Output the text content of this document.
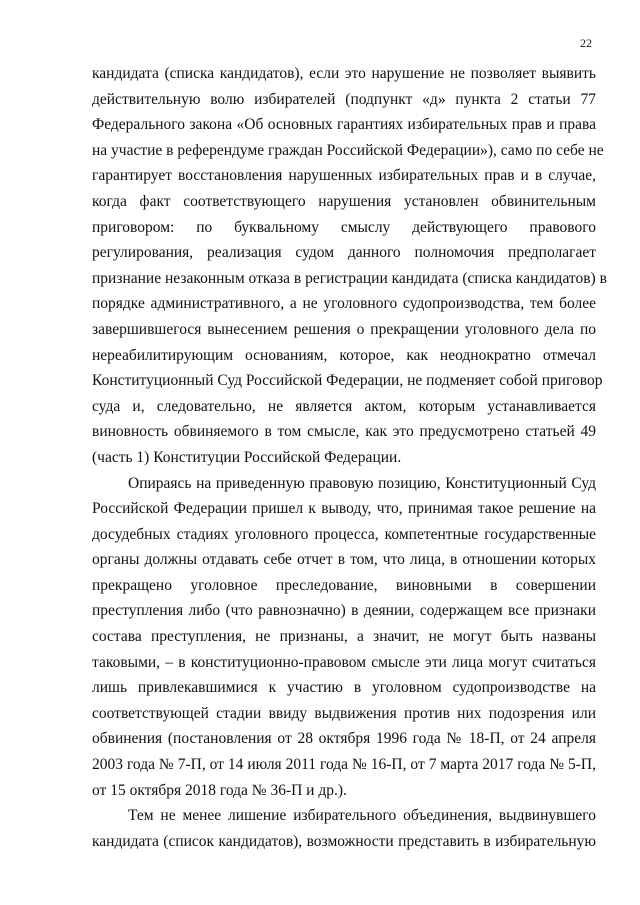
22
кандидата (списка кандидатов), если это нарушение не позволяет выявить
действительную волю избирателей (подпункт «д» пункта 2 статьи 77
Федерального закона «Об основных гарантиях избирательных прав и права
на участие в референдуме граждан Российской Федерации»), само по себе не
гарантирует восстановления нарушенных избирательных прав и в случае,
когда факт соответствующего нарушения установлен обвинительным
приговором: по буквальному смыслу действующего правового
регулирования, реализация судом данного полномочия предполагает
признание незаконным отказа в регистрации кандидата (списка кандидатов) в
порядке административного, а не уголовного судопроизводства, тем более
завершившегося вынесением решения о прекращении уголовного дела по
нереабилитирующим основаниям, которое, как неоднократно отмечал
Конституционный Суд Российской Федерации, не подменяет собой приговор
суда и, следовательно, не является актом, которым устанавливается
виновность обвиняемого в том смысле, как это предусмотрено статьей 49
(часть 1) Конституции Российской Федерации.
Опираясь на приведенную правовую позицию, Конституционный Суд
Российской Федерации пришел к выводу, что, принимая такое решение на
досудебных стадиях уголовного процесса, компетентные государственные
органы должны отдавать себе отчет в том, что лица, в отношении которых
прекращено уголовное преследование, виновными в совершении
преступления либо (что равнозначно) в деянии, содержащем все признаки
состава преступления, не признаны, а значит, не могут быть названы
таковыми, – в конституционно-правовом смысле эти лица могут считаться
лишь привлекавшимися к участию в уголовном судопроизводстве на
соответствующей стадии ввиду выдвижения против них подозрения или
обвинения (постановления от 28 октября 1996 года № 18-П, от 24 апреля
2003 года № 7-П, от 14 июля 2011 года № 16-П, от 7 марта 2017 года № 5-П,
от 15 октября 2018 года № 36-П и др.).
Тем не менее лишение избирательного объединения, выдвинувшего
кандидата (список кандидатов), возможности представить в избирательную
